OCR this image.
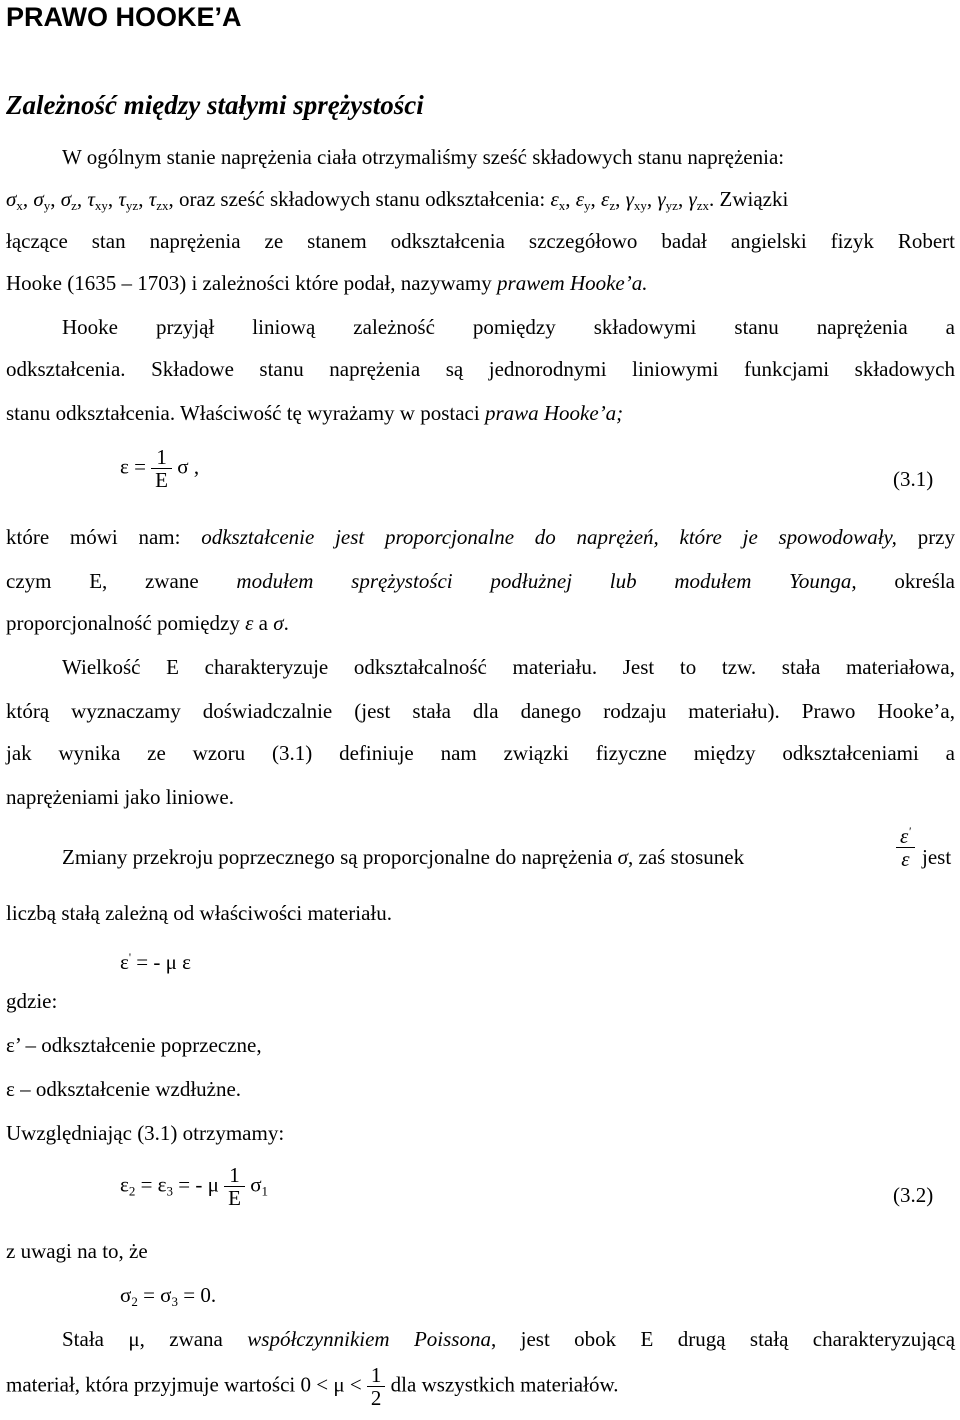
PRAWO HOOKE’A
Zależność między stałymi sprężystości
W ogólnym stanie naprężenia ciała otrzymaliśmy sześć składowych stanu naprężenia:
$\sigma_x$, $\sigma_y$, $\sigma_z$, $\tau_{xy}$, $\tau_{yz}$, $\tau_{zx}$, oraz sześć składowych stanu odkształcenia: $\varepsilon_x$, $\varepsilon_y$, $\varepsilon_z$, $\gamma_{xy}$, $\gamma_{yz}$, $\gamma_{zx}$. Związki
łączące stan naprężenia ze stanem odkształcenia szczegółowo badał angielski fizyk Robert
Hooke (1635 – 1703) i zależności które podał, nazywamy prawem Hooke’a.
Hooke przyjął liniową zależność pomiędzy składowymi stanu naprężenia a
odkształcenia. Składowe stanu naprężenia są jednorodnymi liniowymi funkcjami składowych
stanu odkształcenia. Właściwość tę wyrażamy w postaci prawa Hooke’a;
$\varepsilon = \frac{1}{E}$ σ ,
(3.1)
które mówi nam: odkształcenie jest proporcjonalne do naprężeń, które je spowodowały, przy
czym E, zwane modułem sprężystości podłużnej lub modułem Younga, określa
proporcjonalność pomiędzy ε a σ.
Wielkość E charakteryzuje odkształcalność materiału. Jest to tzw. stała materiałowa,
którą wyznaczamy doświadczalnie (jest stała dla danego rodzaju materiału). Prawo Hooke’a,
jak wynika ze wzoru (3.1) definiuje nam związki fizyczne między odkształceniami a
naprężeniami jako liniowe.
Zmiany przekroju poprzecznego są proporcjonalne do naprężenia σ, zaś stosunek	$\frac{\varepsilon'}{\varepsilon}$ jest
liczbą stałą zależną od właściwości materiału.
ε' = - μ ε
gdzie:
ε’ – odkształcenie poprzeczne,
ε – odkształcenie wzdłużne.
Uwzględniając (3.1) otrzymamy:
$\varepsilon_2 = \varepsilon_3$ = - μ $\frac{1}{E} \sigma_1$	(3.2)
z uwagi na to, że
$\sigma_2 = \sigma_3 = 0$.
Stała μ, zwana współczynnikiem Poissona, jest obok E drugą stałą charakteryzującą
materiał, która przyjmuje wartości $0 < \mu < \frac{1}{2}$ dla wszystkich materiałów.
